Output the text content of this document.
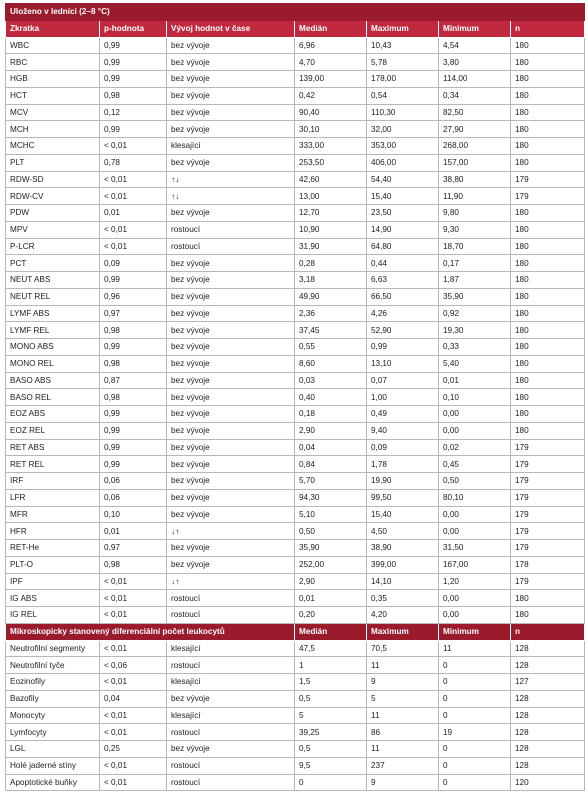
Uloženo v ledníci (2–8 °C)						
Zkratka	p-hodnota	Vývoj hodnot v čase	Medián	Maximum	Minimum	n
WBC	0,99	bez vývoje	6,96	10,43	4,54	180
RBC	0,99	bez vývoje	4,70	5,78	3,80	180
HGB	0,99	bez vývoje	139,00	178,00	114,00	180
HCT	0,98	bez vývoje	0,42	0,54	0,34	180
MCV	0,12	bez vývoje	90,40	110,30	82,50	180
MCH	0,99	bez vývoje	30,10	32,00	27,90	180
MCHC	< 0,01	klesající	333,00	353,00	268,00	180
PLT	0,78	bez vývoje	253,50	406,00	157,00	180
RDW-SD	< 0,01	↑↓	42,60	54,40	38,80	179
RDW-CV	< 0,01	↑↓	13,00	15,40	11,90	179
PDW	0,01	bez vývoje	12,70	23,50	9,80	180
MPV	< 0,01	rostoucí	10,90	14,90	9,30	180
P-LCR	< 0,01	rostoucí	31,90	64,80	18,70	180
PCT	0,09	bez vývoje	0,28	0,44	0,17	180
NEUT ABS	0,99	bez vývoje	3,18	6,63	1,87	180
NEUT REL	0,96	bez vývoje	49,90	66,50	35,90	180
LYMF ABS	0,97	bez vývoje	2,36	4,26	0,92	180
LYMF REL	0,98	bez vývoje	37,45	52,90	19,30	180
MONO ABS	0,99	bez vývoje	0,55	0,99	0,33	180
MONO REL	0,98	bez vývoje	8,60	13,10	5,40	180
BASO ABS	0,87	bez vývoje	0,03	0,07	0,01	180
BASO REL	0,98	bez vývoje	0,40	1,00	0,10	180
EOZ ABS	0,99	bez vývoje	0,18	0,49	0,00	180
EOZ REL	0,99	bez vývoje	2,90	9,40	0,00	180
RET ABS	0,99	bez vývoje	0,04	0,09	0,02	179
RET REL	0,99	bez vývoje	0,84	1,78	0,45	179
IRF	0,06	bez vývoje	5,70	19,90	0,50	179
LFR	0,06	bez vývoje	94,30	99,50	80,10	179
MFR	0,10	bez vývoje	5,10	15,40	0,00	179
HFR	0,01	↓↑	0,50	4,50	0,00	179
RET-He	0,97	bez vývoje	35,90	38,90	31,50	179
PLT-O	0,98	bez vývoje	252,00	399,00	167,00	178
IPF	< 0,01	↓↑	2,90	14,10	1,20	179
IG ABS	< 0,01	rostoucí	0,01	0,35	0,00	180
IG REL	< 0,01	rostoucí	0,20	4,20	0,00	180
Mikroskopicky stanovený diferenciální počet leukocytů			Medián	Maximum	Minimum	n
Neutrofilní segmenty	< 0,01	klesající	47,5	70,5	11	128
Neutrofilní tyče	< 0,06	rostoucí	1	11	0	128
Eozinofily	< 0,01	klesající	1,5	9	0	127
Bazofily	0,04	bez vývoje	0,5	5	0	128
Monocyty	< 0,01	klesající	5	11	0	128
Lymfocyty	< 0,01	rostoucí	39,25	86	19	128
LGL	0,25	bez vývoje	0,5	11	0	128
Holé jaderné stíny	< 0,01	rostoucí	9,5	237	0	128
Apoptotické buňky	< 0,01	rostoucí	0	9	0	120
